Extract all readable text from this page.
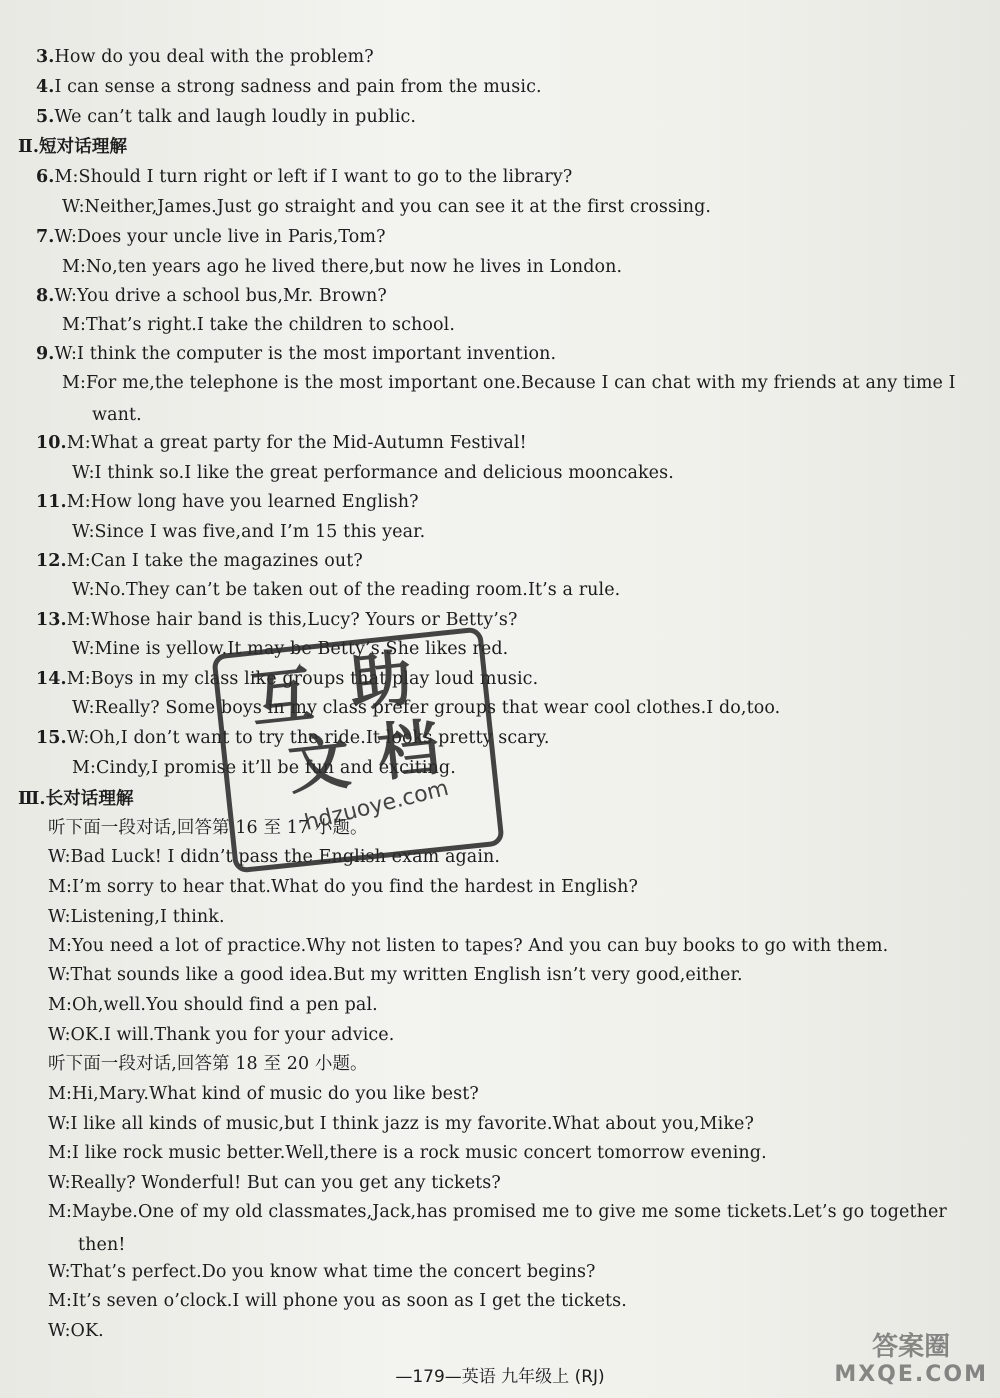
3.How do you deal with the problem?
4.I can sense a strong sadness and pain from the music.
5.We can’t talk and laugh loudly in public.
Ⅱ.短对话理解
6.M:Should I turn right or left if I want to go to the library?
W:Neither,James.Just go straight and you can see it at the first crossing.
7.W:Does your uncle live in Paris,Tom?
M:No,ten years ago he lived there,but now he lives in London.
8.W:You drive a school bus,Mr. Brown?
M:That’s right.I take the children to school.
9.W:I think the computer is the most important invention.
M:For me,the telephone is the most important one.Because I can chat with my friends at any time I
want.
10.M:What a great party for the Mid-Autumn Festival!
W:I think so.I like the great performance and delicious mooncakes.
11.M:How long have you learned English?
W:Since I was five,and I’m 15 this year.
12.M:Can I take the magazines out?
W:No.They can’t be taken out of the reading room.It’s a rule.
13.M:Whose hair band is this,Lucy? Yours or Betty’s?
W:Mine is yellow.It may be Betty’s.She likes red.
14.M:Boys in my class like groups that play loud music.
W:Really? Some boys in my class prefer groups that wear cool clothes.I do,too.
15.W:Oh,I don’t want to try the ride.It looks pretty scary.
M:Cindy,I promise it’ll be fun and exciting.
Ⅲ.长对话理解
听下面一段对话,回答第 16 至 17 小题。
W:Bad Luck! I didn’t pass the English exam again.
M:I’m sorry to hear that.What do you find the hardest in English?
W:Listening,I think.
M:You need a lot of practice.Why not listen to tapes? And you can buy books to go with them.
W:That sounds like a good idea.But my written English isn’t very good,either.
M:Oh,well.You should find a pen pal.
W:OK.I will.Thank you for your advice.
听下面一段对话,回答第 18 至 20 小题。
M:Hi,Mary.What kind of music do you like best?
W:I like all kinds of music,but I think jazz is my favorite.What about you,Mike?
M:I like rock music better.Well,there is a rock music concert tomorrow evening.
W:Really? Wonderful! But can you get any tickets?
M:Maybe.One of my old classmates,Jack,has promised me to give me some tickets.Let’s go together
then!
W:That’s perfect.Do you know what time the concert begins?
M:It’s seven o’clock.I will phone you as soon as I get the tickets.
W:OK.
—179—英语 九年级上 (RJ)
互 助
文 档
hdzuoye.com
答案圈
MXQE.COM
